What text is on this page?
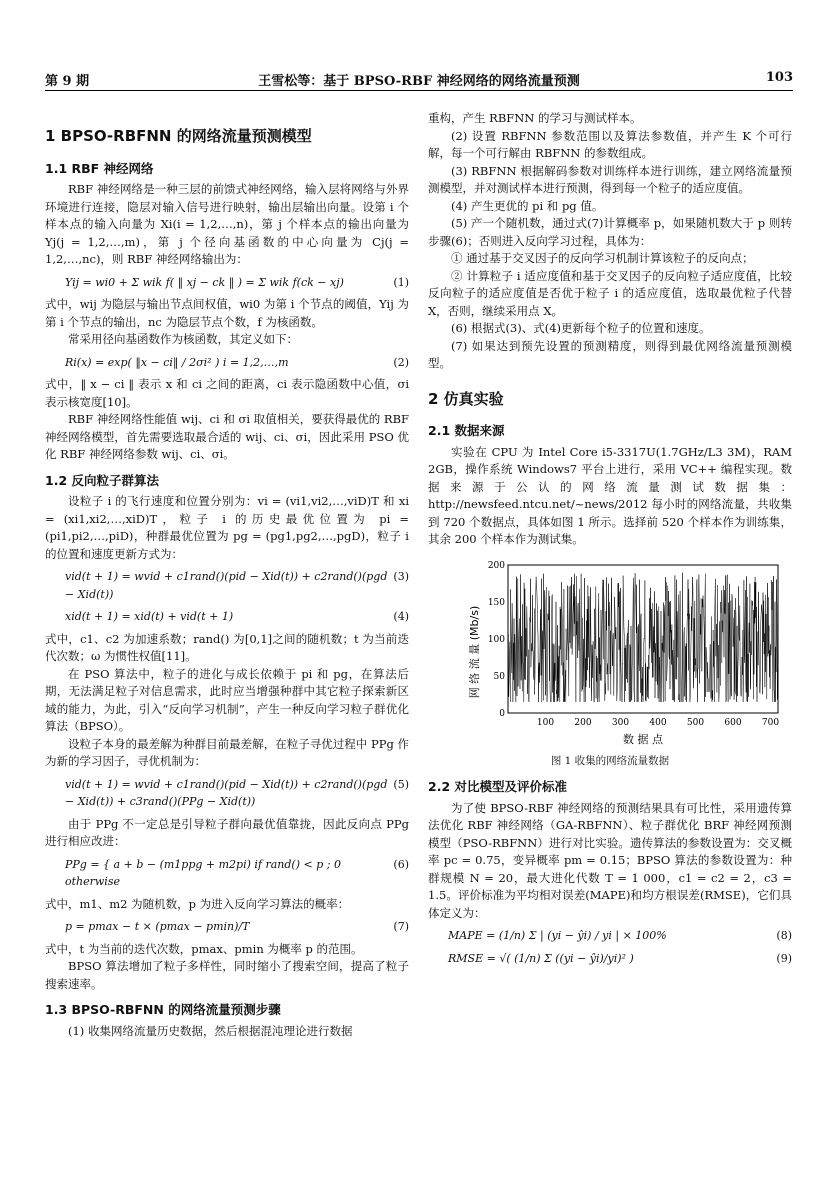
第 9 期	王雪松等：基于 BPSO-RBF 神经网络的网络流量预测	103
1 BPSO-RBFNN 的网络流量预测模型
1.1 RBF 神经网络

RBF 神经网络是一种三层的前馈式神经网络，输入层将网络与外界环境进行连接，隐层对输入信号进行映射，输出层输出向量。设第 i 个样本点的输入向量为 Xi(i = 1,2,…,n)，第 j 个样本点的输出向量为 Yj(j = 1,2,…,m)，第 j 个径向基函数的中心向量为 Cj(j = 1,2,…,nc)，则 RBF 神经网络输出为：

Yij = wi0 + Σ wik f( ‖ xj − ck ‖ ) = Σ wik f(ck − xj)	(1)

式中，wij 为隐层与输出节点间权值，wi0 为第 i 个节点的阈值，Yij 为第 i 个节点的输出，nc 为隐层节点个数，f 为核函数。

常采用径向基函数作为核函数，其定义如下：

Ri(x) = exp( ‖x − ci‖ / 2σi² ) i = 1,2,…,m	(2)

式中，‖ x − ci ‖ 表示 x 和 ci 之间的距离，ci 表示隐函数中心值，σi 表示核宽度[10]。

RBF 神经网络性能值 wij、ci 和 σi 取值相关，要获得最优的 RBF 神经网络模型，首先需要选取最合适的 wij、ci、σi，因此采用 PSO 优化 RBF 神经网络参数 wij、ci、σi。

1.2 反向粒子群算法

设粒子 i 的飞行速度和位置分别为：vi = (vi1,vi2,…,viD)T 和 xi = (xi1,xi2,…,xiD)T，粒子 i 的历史最优位置为 pi = (pi1,pi2,…,piD)，种群最优位置为 pg = (pg1,pg2,…,pgD)，粒子 i 的位置和速度更新方式为：

vid(t + 1) = wvid + c1rand()(pid − Xid(t)) + c2rand()(pgd − Xid(t))
(3)
xid(t + 1) = xid(t) + vid(t + 1)	(4)

式中，c1、c2 为加速系数；rand() 为[0,1]之间的随机数；t 为当前迭代次数；ω 为惯性权值[11]。

在 PSO 算法中，粒子的进化与成长依赖于 pi 和 pg，在算法后期，无法满足粒子对信息需求，此时应当增强种群中其它粒子探索新区域的能力，为此，引入“反向学习机制”，产生一种反向学习粒子群优化算法（BPSO）。

设粒子本身的最差解为种群目前最差解，在粒子寻优过程中 PPg 作为新的学习因子，寻优机制为：

vid(t + 1) = wvid + c1rand()(pid − Xid(t)) + c2rand()(pgd − Xid(t)) + c3rand()(PPg − Xid(t))
(5)

由于 PPg 不一定总是引导粒子群向最优值靠拢，因此反向点 PPg 进行相应改进：

PPg = { a + b − (m1ppg + m2pi) if rand() < p ; 0 otherwise
(6)

式中，m1、m2 为随机数，p 为进入反向学习算法的概率：

p = pmax − t × (pmax − pmin)/T	(7)

式中，t 为当前的迭代次数，pmax、pmin 为概率 p 的范围。

BPSO 算法增加了粒子多样性，同时缩小了搜索空间，提高了粒子搜索速率。

1.3 BPSO-RBFNN 的网络流量预测步骤

(1) 收集网络流量历史数据，然后根据混沌理论进行数据

重构，产生 RBFNN 的学习与测试样本。

(2) 设置 RBFNN 参数范围以及算法参数值，并产生 K 个可行解，每一个可行解由 RBFNN 的参数组成。

(3) RBFNN 根据解码参数对训练样本进行训练，建立网络流量预测模型，并对测试样本进行预测，得到每一个粒子的适应度值。

(4) 产生更优的 pi 和 pg 值。

(5) 产一个随机数，通过式(7)计算概率 p，如果随机数大于 p 则转步骤(6)；否则进入反向学习过程，具体为：

① 通过基于交叉因子的反向学习机制计算该粒子的反向点；

② 计算粒子 i 适应度值和基于交叉因子的反向粒子适应度值，比较反向粒子的适应度值是否优于粒子 i 的适应度值，选取最优粒子代替 X，否则，继续采用点 X。

(6) 根据式(3)、式(4)更新每个粒子的位置和速度。

(7) 如果达到预先设置的预测精度，则得到最优网络流量预测模型。

2 仿真实验
2.1 数据来源

实验在 CPU 为 Intel Core i5-3317U(1.7GHz/L3 3M)，RAM 2GB，操作系统 Windows7 平台上进行，采用 VC++ 编程实现。数据来源于公认的网络流量测试数据集：http://newsfeed.ntcu.net/~news/2012 每小时的网络流量，共收集到 720 个数据点，具体如图 1 所示。选择前 520 个样本作为训练集，其余 200 个样本作为测试集。

0
50
100
150
200
100 200 300 400 500 600 700
网 络 流 量 (Mb/s)
数 据 点
图 1 收集的网络流量数据
2.2 对比模型及评价标准

为了使 BPSO-RBF 神经网络的预测结果具有可比性，采用遗传算法优化 RBF 神经网络（GA-RBFNN）、粒子群优化 BRF 神经网预测模型（PSO-RBFNN）进行对比实验。遗传算法的参数设置为：交叉概率 pc = 0.75，变异概率 pm = 0.15；BPSO 算法的参数设置为：种群规模 N = 20，最大进化代数 T = 1 000，c1 = c2 = 2，c3 = 1.5。评价标准为平均相对误差(MAPE)和均方根误差(RMSE)，它们具体定义为：

MAPE = (1/n) Σ | (yi − ŷi) / yi | × 100%	(8)
RMSE = √( (1/n) Σ ((yi − ŷi)/yi)² )	(9)
